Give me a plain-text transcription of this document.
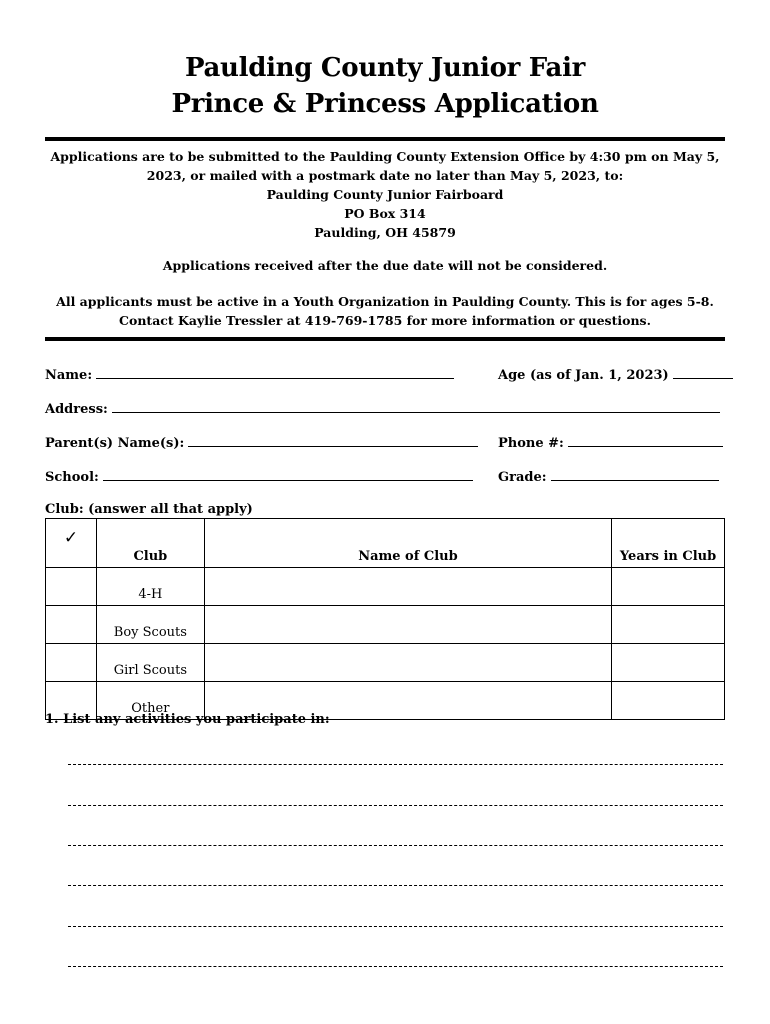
Paulding County Junior Fair
Prince & Princess Application
Applications are to be submitted to the Paulding County Extension Office by 4:30 pm on May 5,
2023, or mailed with a postmark date no later than May 5, 2023, to:
Paulding County Junior Fairboard
PO Box 314
Paulding, OH 45879
Applications received after the due date will not be considered.
All applicants must be active in a Youth Organization in Paulding County. This is for ages 5-8.
Contact Kaylie Tressler at 419-769-1785 for more information or questions.
Name:	Age (as of Jan. 1, 2023)
Address:
Parent(s) Name(s):	Phone #:
School:	Grade:
Club: (answer all that apply)
✓	Club	Name of Club	Years in Club
	4-H		
	Boy Scouts		
	Girl Scouts		
	Other		
1. List any activities you participate in:
